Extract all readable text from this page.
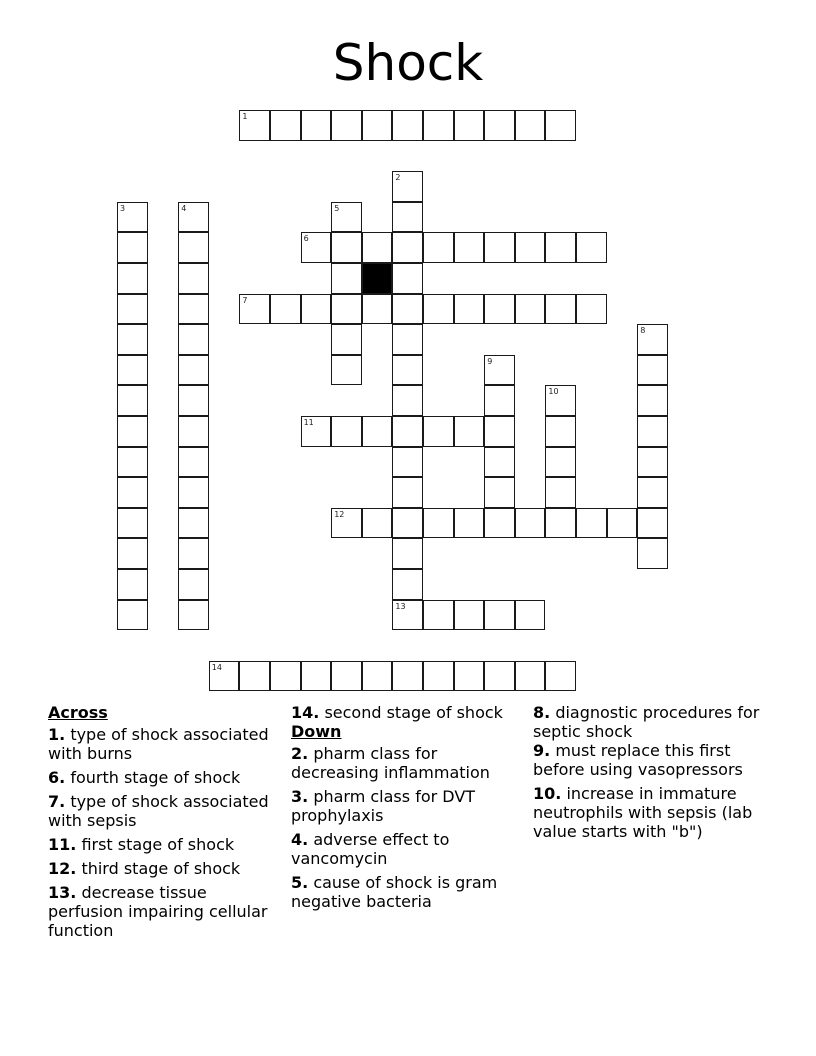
Shock
1
2
13
3	4	5
6
7
8
9
10
11
12
14
Across
1. type of shock associated with burns
6. fourth stage of shock
7. type of shock associated with sepsis
11. first stage of shock
12. third stage of shock
13. decrease tissue perfusion impairing cellular function
14. second stage of shock
Down
2. pharm class for decreasing inflammation
3. pharm class for DVT prophylaxis
4. adverse effect to vancomycin
5. cause of shock is gram negative bacteria
8. diagnostic procedures for septic shock
9. must replace this first before using vasopressors
10. increase in immature neutrophils with sepsis (lab value starts with "b")
